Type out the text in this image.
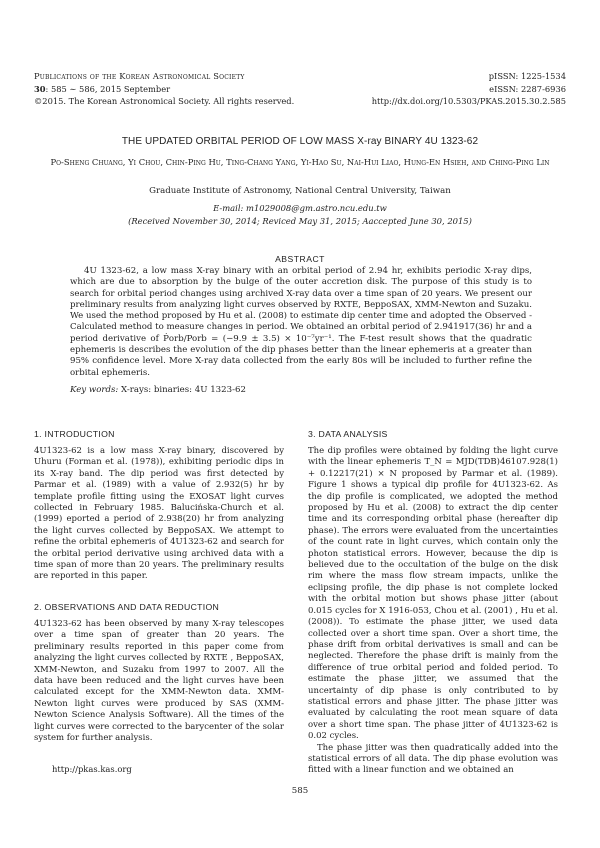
Publications of the Korean Astronomical Society	pISSN: 1225-1534
30: 585 ∼ 586, 2015 September	eISSN: 2287-6936
©2015. The Korean Astronomical Society. All rights reserved.	http://dx.doi.org/10.5303/PKAS.2015.30.2.585
THE UPDATED ORBITAL PERIOD OF LOW MASS X-ray BINARY 4U 1323-62
Po-Sheng Chuang, Yi Chou, Chin-Ping Hu, Ting-Chang Yang, Yi-Hao Su, Nai-Hui Liao, Hung-En Hsieh, and Ching-Ping Lin
Graduate Institute of Astronomy, National Central University, Taiwan
E-mail: m1029008@gm.astro.ncu.edu.tw
(Received November 30, 2014; Reviced May 31, 2015; Aaccepted June 30, 2015)
ABSTRACT
4U 1323-62, a low mass X-ray binary with an orbital period of 2.94 hr, exhibits periodic X-ray dips, which are due to absorption by the bulge of the outer accretion disk. The purpose of this study is to search for orbital period changes using archived X-ray data over a time span of 20 years. We present our preliminary results from analyzing light curves observed by RXTE, BeppoSAX, XMM-Newton and Suzaku. We used the method proposed by Hu et al. (2008) to estimate dip center time and adopted the Observed - Calculated method to measure changes in period. We obtained an orbital period of 2.941917(36) hr and a period derivative of Ṗorb/Porb = (−9.9 ± 3.5) × 10⁻⁷yr⁻¹. The F-test result shows that the quadratic ephemeris is describes the evolution of the dip phases better than the linear ephemeris at a greater than 95% confidence level. More X-ray data collected from the early 80s will be included to further refine the orbital ephemeris.
Key words: X-rays: binaries: 4U 1323-62
1. INTRODUCTION

4U1323-62 is a low mass X-ray binary, discovered by Uhuru (Forman et al. (1978)), exhibiting periodic dips in its X-ray band. The dip period was first detected by Parmar et al. (1989) with a value of 2.932(5) hr by template profile fitting using the EXOSAT light curves collected in February 1985. Balucińska-Church et al. (1999) eported a period of 2.938(20) hr from analyzing the light curves collected by BeppoSAX. We attempt to refine the orbital ephemeris of 4U1323-62 and search for the orbital period derivative using archived data with a time span of more than 20 years. The preliminary results are reported in this paper.

2. OBSERVATIONS AND DATA REDUCTION

4U1323-62 has been observed by many X-ray telescopes over a time span of greater than 20 years. The preliminary results reported in this paper come from analyzing the light curves collected by RXTE , BeppoSAX, XMM-Newton, and Suzaku from 1997 to 2007. All the data have been reduced and the light curves have been calculated except for the XMM-Newton data. XMM-Newton light curves were produced by SAS (XMM-Newton Science Analysis Software). All the times of the light curves were corrected to the barycenter of the solar system for further analysis.

http://pkas.kas.org
3. DATA ANALYSIS

The dip profiles were obtained by folding the light curve with the linear ephemeris T_N = MJD(TDB)46107.928(1) + 0.12217(21) × N proposed by Parmar et al. (1989). Figure 1 shows a typical dip profile for 4U1323-62. As the dip profile is complicated, we adopted the method proposed by Hu et al. (2008) to extract the dip center time and its corresponding orbital phase (hereafter dip phase). The errors were evaluated from the uncertainties of the count rate in light curves, which contain only the photon statistical errors. However, because the dip is believed due to the occultation of the bulge on the disk rim where the mass flow stream impacts, unlike the eclipsing profile, the dip phase is not complete locked with the orbital motion but shows phase jitter (about 0.015 cycles for X 1916-053, Chou et al. (2001) , Hu et al. (2008)). To estimate the phase jitter, we used data collected over a short time span. Over a short time, the phase drift from orbital derivatives is small and can be neglected. Therefore the phase drift is mainly from the difference of true orbital period and folded period. To estimate the phase jitter, we assumed that the uncertainty of dip phase is only contributed to by statistical errors and phase jitter. The phase jitter was evaluated by calculating the root mean square of data over a short time span. The phase jitter of 4U1323-62 is 0.02 cycles.

The phase jitter was then quadratically added into the statistical errors of all data. The dip phase evolution was fitted with a linear function and we obtained an

585
